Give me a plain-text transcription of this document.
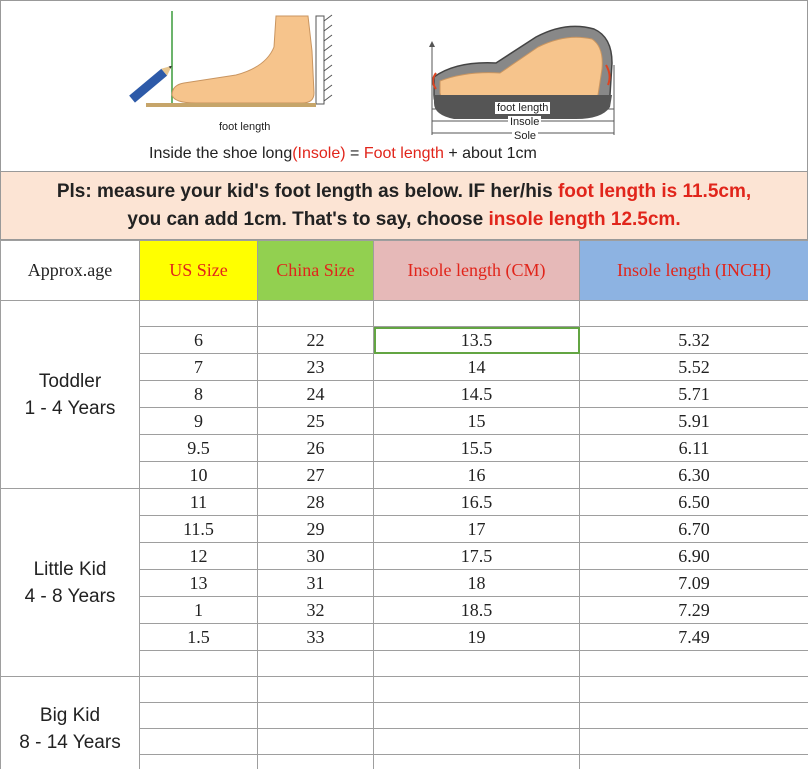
foot length
foot length
Insole
Sole
Inside the shoe long(Insole) = Foot length + about 1cm
Pls: measure your kid's foot length as below. IF her/his foot length is 11.5cm,
you can add 1cm. That's to say, choose insole length 12.5cm.
Approx.age	US Size	China Size	Insole length (CM)	Insole length (INCH)

Toddler
1 - 4 Years				

	6	22	13.5	5.32
	7	23	14	5.52
	8	24	14.5	5.71
	9	25	15	5.91
	9.5	26	15.5	6.11
	10	27	16	6.30

Little Kid
4 - 8 Years	11	28	16.5	6.50
	11.5	29	17	6.70
	12	30	17.5	6.90
	13	31	18	7.09
	1	32	18.5	7.29
	1.5	33	19	7.49

Big Kid
8 - 14 Years				
